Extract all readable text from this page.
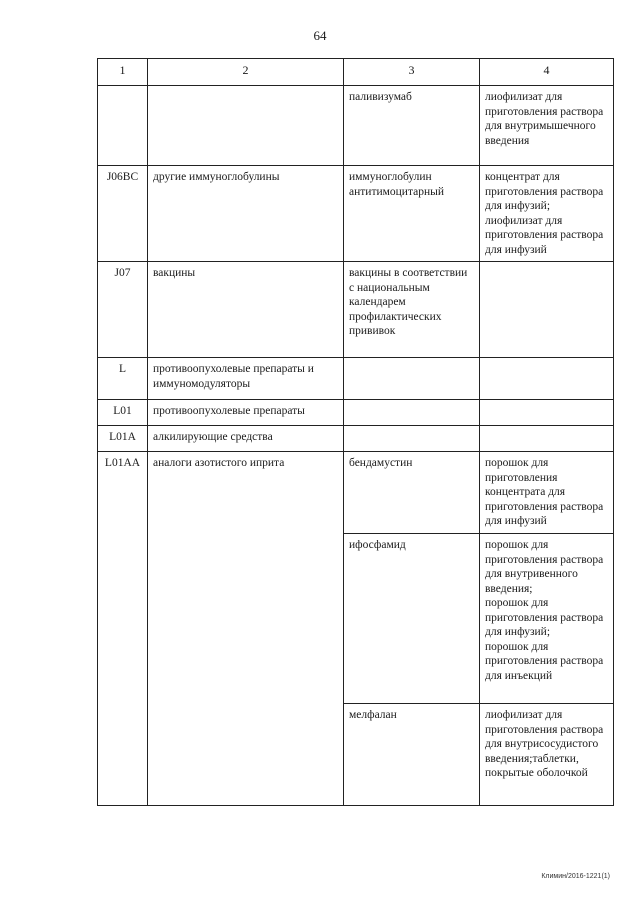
64
1	2	3	4
		паливизумаб	лиофилизат для приготовления раствора для внутримышечного введения
J06BC	другие иммуноглобулины	иммуноглобулин антитимоцитарный	концентрат для приготовления раствора для инфузий;
лиофилизат для приготовления раствора для инфузий

J07	вакцины	вакцины в соответствии с национальным календарем профилактических прививок	
L	противоопухолевые препараты и иммуномодуляторы		
L01	противоопухолевые препараты		
L01A	алкилирующие средства		
L01AA	аналоги азотистого иприта	бендамустин	порошок для приготовления концентрата для приготовления раствора для инфузий
		ифосфамид	порошок для приготовления раствора для внутривенного введения;
порошок для приготовления раствора для инфузий;
порошок для приготовления раствора для инъекций

		мелфалан	лиофилизат для приготовления раствора для внутрисосудистого введения;таблетки, покрытые оболочкой
Климин/2016-1221(1)
